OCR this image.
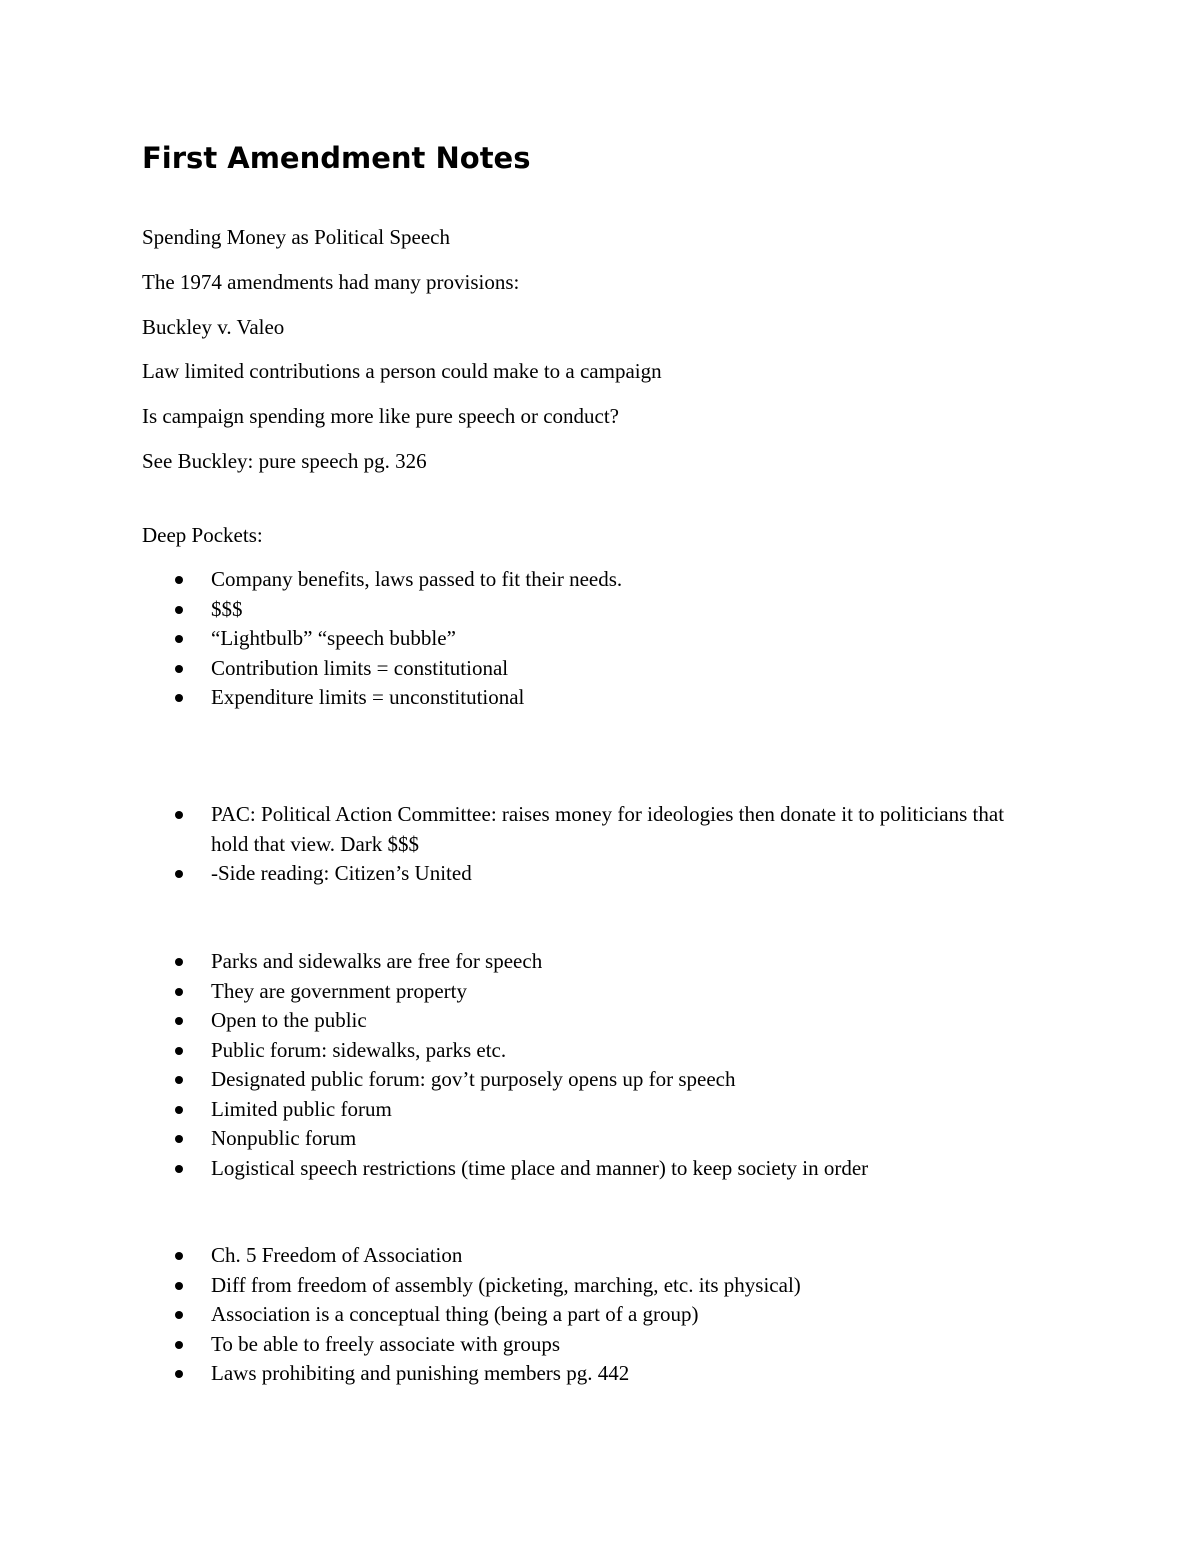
First Amendment Notes

Spending Money as Political Speech

The 1974 amendments had many provisions:

Buckley v. Valeo

Law limited contributions a person could make to a campaign

Is campaign spending more like pure speech or conduct?

See Buckley: pure speech pg. 326

Deep Pockets:

Company benefits, laws passed to fit their needs.
$$$
“Lightbulb” “speech bubble”
Contribution limits = constitutional
Expenditure limits = unconstitutional
PAC: Political Action Committee: raises money for ideologies then donate it to politicians that hold that view. Dark $$$
-Side reading: Citizen’s United
Parks and sidewalks are free for speech
They are government property
Open to the public
Public forum: sidewalks, parks etc.
Designated public forum: gov’t purposely opens up for speech
Limited public forum
Nonpublic forum
Logistical speech restrictions (time place and manner) to keep society in order
Ch. 5 Freedom of Association
Diff from freedom of assembly (picketing, marching, etc. its physical)
Association is a conceptual thing (being a part of a group)
To be able to freely associate with groups
Laws prohibiting and punishing members pg. 442
